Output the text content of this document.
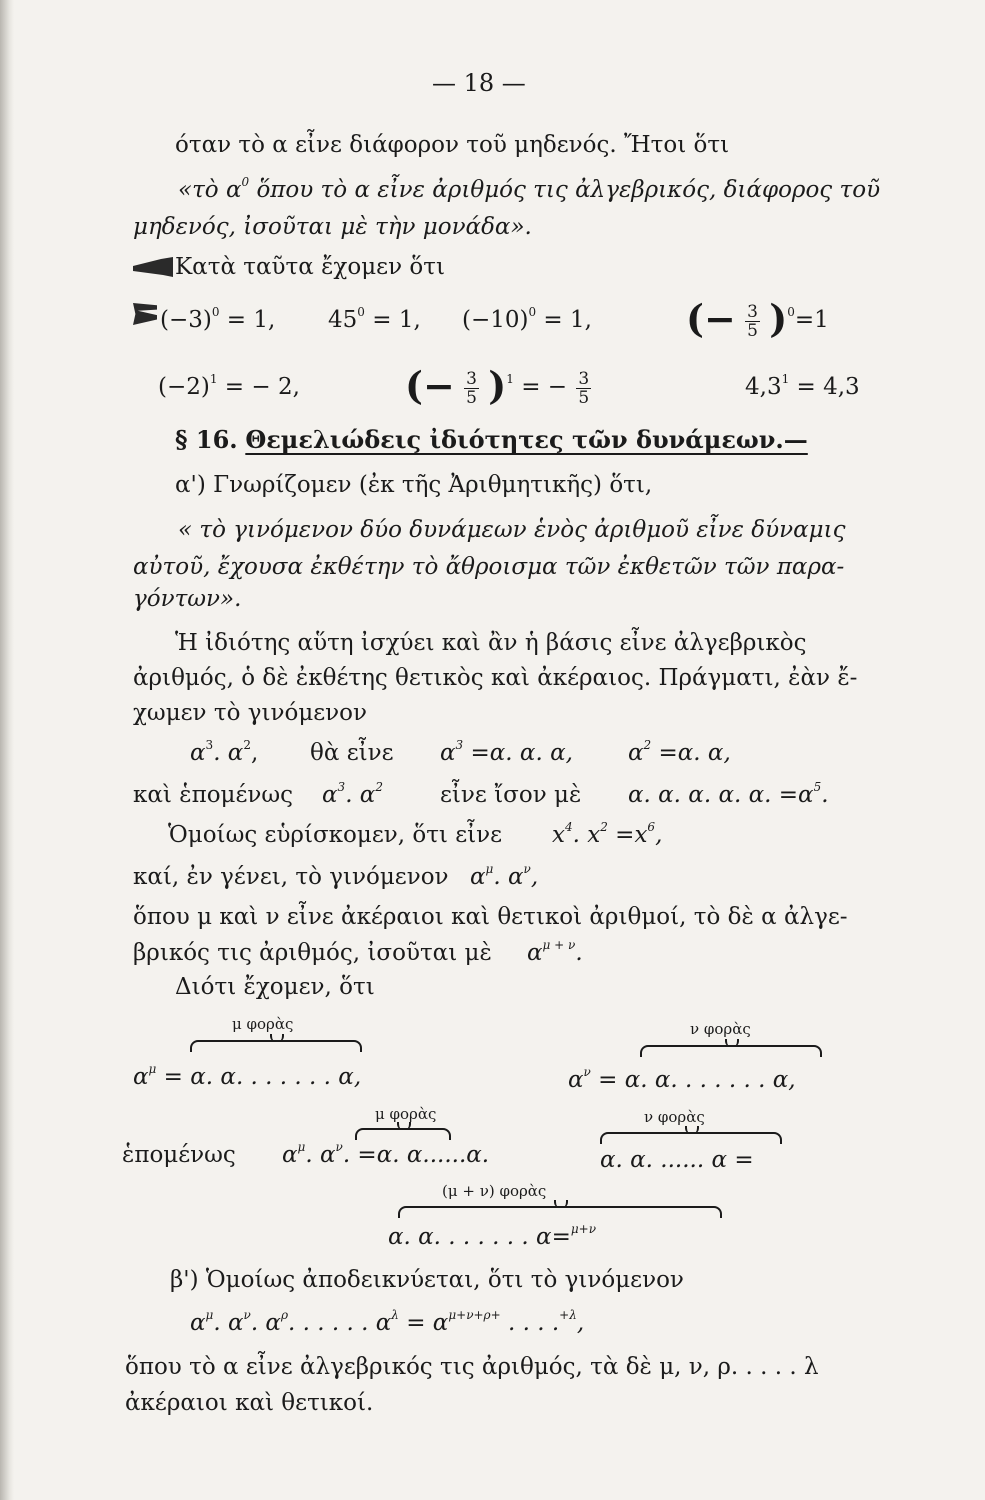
— 18 —
όταν τὸ α εἶνε διάφορον τοῦ μηδενός. Ἤτοι ὅτι
«τὸ $\alpha^0$ ὅπου τὸ α εἶνε ἀριθμός τις ἀλγεβρικός, διάφορος τοῦ
μηδενός, ἰσοῦται μὲ τὴν μονάδα».
Κατὰ ταῦτα ἔχομεν ὅτι
$(-3)^0 = 1$, $45^0 = 1$, $(-10)^0 = 1$, (− $\frac{3}{5} )^0=1$
$(-2)^1$ = − 2,	(− $\frac{3}{5} )^1$ = − $\frac{3}{5}$	$4,3^1 = 4,3$
§ 16. Θεμελιώδεις ἰδιότητες τῶν δυνάμεων.—
α') Γνωρίζομεν (ἐκ τῆς Ἀριθμητικῆς) ὅτι,
« τὸ γινόμενον δύο δυνάμεων ἑνὸς ἀριθμοῦ εἶνε δύναμις
αὐτοῦ, ἔχουσα ἐκθέτην τὸ ἄθροισμα τῶν ἐκθετῶν τῶν παρα-
γόντων».
Ἡ ἰδιότης αὕτη ἰσχύει καὶ ἂν ἡ βάσις εἶνε ἀλγεβρικὸς
ἀριθμός, ὁ δὲ ἐκθέτης θετικὸς καὶ ἀκέραιος. Πράγματι, ἐὰν ἔ-
χωμεν τὸ γινόμενον
$\alpha^3$. $\alpha^2$, θὰ εἶνε $\alpha^3 =\alpha$. α. α, $\alpha^2 =\alpha$. α,
καὶ ἑπομένως $\alpha^3$. $\alpha^2$ εἶνε ἴσον μὲ α. α. α. α. α. $=\alpha^5$.
Ὁμοίως εὑρίσκομεν, ὅτι εἶνε $x^4$. $x^2 =x^6$,
καί, ἐν γένει, τὸ γινόμενον $\alpha^\mu$. $\alpha^\nu$,
ὅπου μ καὶ ν εἶνε ἀκέραιοι καὶ θετικοὶ ἀριθμοί, τὸ δὲ α ἀλγε-
βρικός τις ἀριθμός, ἰσοῦται μὲ $\alpha^{\mu + \nu}$.
Διότι ἔχομεν, ὅτι
μ φορὰς	ν φορὰς
$\alpha^\mu = \alpha$. α. . . . . . . α,	$\alpha^\nu = \alpha$. α. . . . . . . α,
μ φορὰς	ν φορὰς
ἑπομένως $\alpha^\mu$. $\alpha^\nu$. =α. α......α.	α. α. ...... α =
(μ + ν) φορὰς
α. α. . . . . . . α=$^{\mu+\nu}$
β') Ὁμοίως ἀποδεικνύεται, ὅτι τὸ γινόμενον
$\alpha^\mu$. $\alpha^\nu$. $\alpha^\rho$. . . . . . $\alpha^\lambda = \alpha^{\mu+\nu+\rho+}$ . . . .$^{+\lambda}$,
ὅπου τὸ α εἶνε ἀλγεβρικός τις ἀριθμός, τὰ δὲ μ, ν, ρ. . . . . λ
ἀκέραιοι καὶ θετικοί.
